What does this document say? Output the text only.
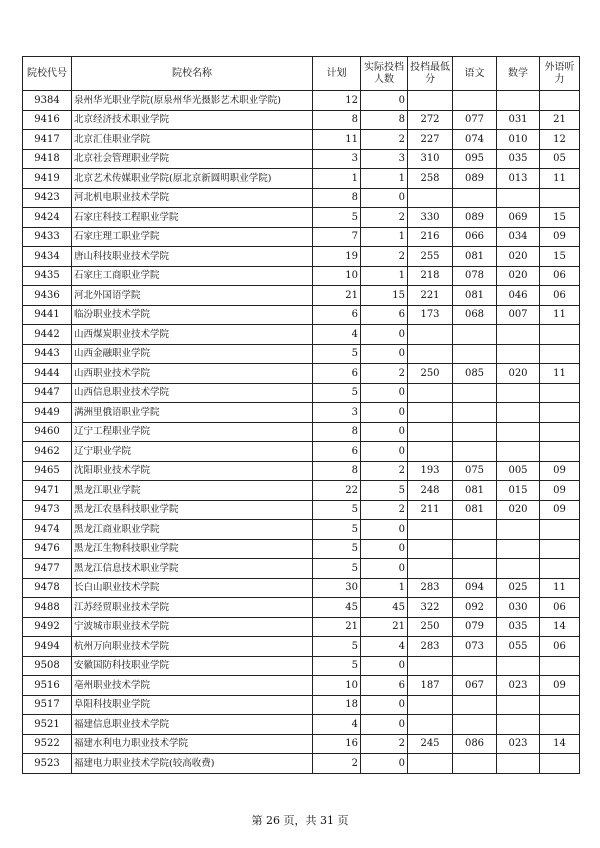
院校代号	院校名称	计划	实际投档人数	投档最低分	语文	数学	外语听力
9384	泉州华光职业学院(原泉州华光摄影艺术职业学院)	12	0				
9416	北京经济技术职业学院	8	8	272	077	031	21
9417	北京汇佳职业学院	11	2	227	074	010	12
9418	北京社会管理职业学院	3	3	310	095	035	05
9419	北京艺术传媒职业学院(原北京新圆明职业学院)	1	1	258	089	013	11
9423	河北机电职业技术学院	8	0				
9424	石家庄科技工程职业学院	5	2	330	089	069	15
9433	石家庄理工职业学院	7	1	216	066	034	09
9434	唐山科技职业技术学院	19	2	255	081	020	15
9435	石家庄工商职业学院	10	1	218	078	020	06
9436	河北外国语学院	21	15	221	081	046	06
9441	临汾职业技术学院	6	6	173	068	007	11
9442	山西煤炭职业技术学院	4	0				
9443	山西金融职业学院	5	0				
9444	山西职业技术学院	6	2	250	085	020	11
9447	山西信息职业技术学院	5	0				
9449	满洲里俄语职业学院	3	0				
9460	辽宁工程职业学院	8	0				
9462	辽宁职业学院	6	0				
9465	沈阳职业技术学院	8	2	193	075	005	09
9471	黑龙江职业学院	22	5	248	081	015	09
9473	黑龙江农垦科技职业学院	5	2	211	081	020	09
9474	黑龙江商业职业学院	5	0				
9476	黑龙江生物科技职业学院	5	0				
9477	黑龙江信息技术职业学院	5	0				
9478	长白山职业技术学院	30	1	283	094	025	11
9488	江苏经贸职业技术学院	45	45	322	092	030	06
9492	宁波城市职业技术学院	21	21	250	079	035	14
9494	杭州万向职业技术学院	5	4	283	073	055	06
9508	安徽国防科技职业学院	5	0				
9516	亳州职业技术学院	10	6	187	067	023	09
9517	阜阳科技职业学院	18	0				
9521	福建信息职业技术学院	4	0				
9522	福建水利电力职业技术学院	16	2	245	086	023	14
9523	福建电力职业技术学院(较高收费)	2	0				
第 26 页，共 31 页
